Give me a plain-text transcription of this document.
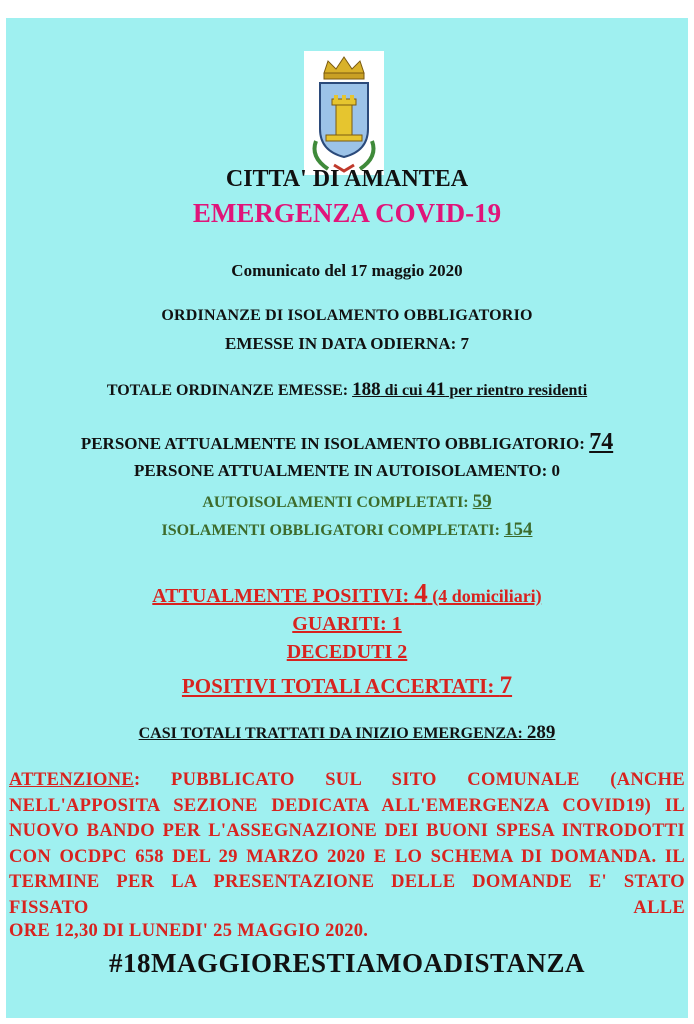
CITTA' DI AMANTEA
EMERGENZA COVID-19
Comunicato del 17 maggio 2020
ORDINANZE DI ISOLAMENTO OBBLIGATORIO
EMESSE IN DATA ODIERNA: 7
TOTALE ORDINANZE EMESSE: 188 di cui 41 per rientro residenti
PERSONE ATTUALMENTE IN ISOLAMENTO OBBLIGATORIO: 74
PERSONE ATTUALMENTE IN AUTOISOLAMENTO: 0
AUTOISOLAMENTI COMPLETATI: 59
ISOLAMENTI OBBLIGATORI COMPLETATI: 154
ATTUALMENTE POSITIVI: 4 (4 domiciliari)
GUARITI: 1
DECEDUTI 2
POSITIVI TOTALI ACCERTATI: 7
CASI TOTALI TRATTATI DA INIZIO EMERGENZA: 289

ATTENZIONE: PUBBLICATO SUL SITO COMUNALE (ANCHE NELL'APPOSITA SEZIONE DEDICATA ALL'EMERGENZA COVID19) IL NUOVO BANDO PER L'ASSEGNAZIONE DEI BUONI SPESA INTRODOTTI CON OCDPC 658 DEL 29 MARZO 2020 E LO SCHEMA DI DOMANDA. IL TERMINE PER LA PRESENTAZIONE DELLE DOMANDE E' STATO FISSATO ALLE

ORE 12,30 DI LUNEDI' 25 MAGGIO 2020.
#18MAGGIORESTIAMOADISTANZA
